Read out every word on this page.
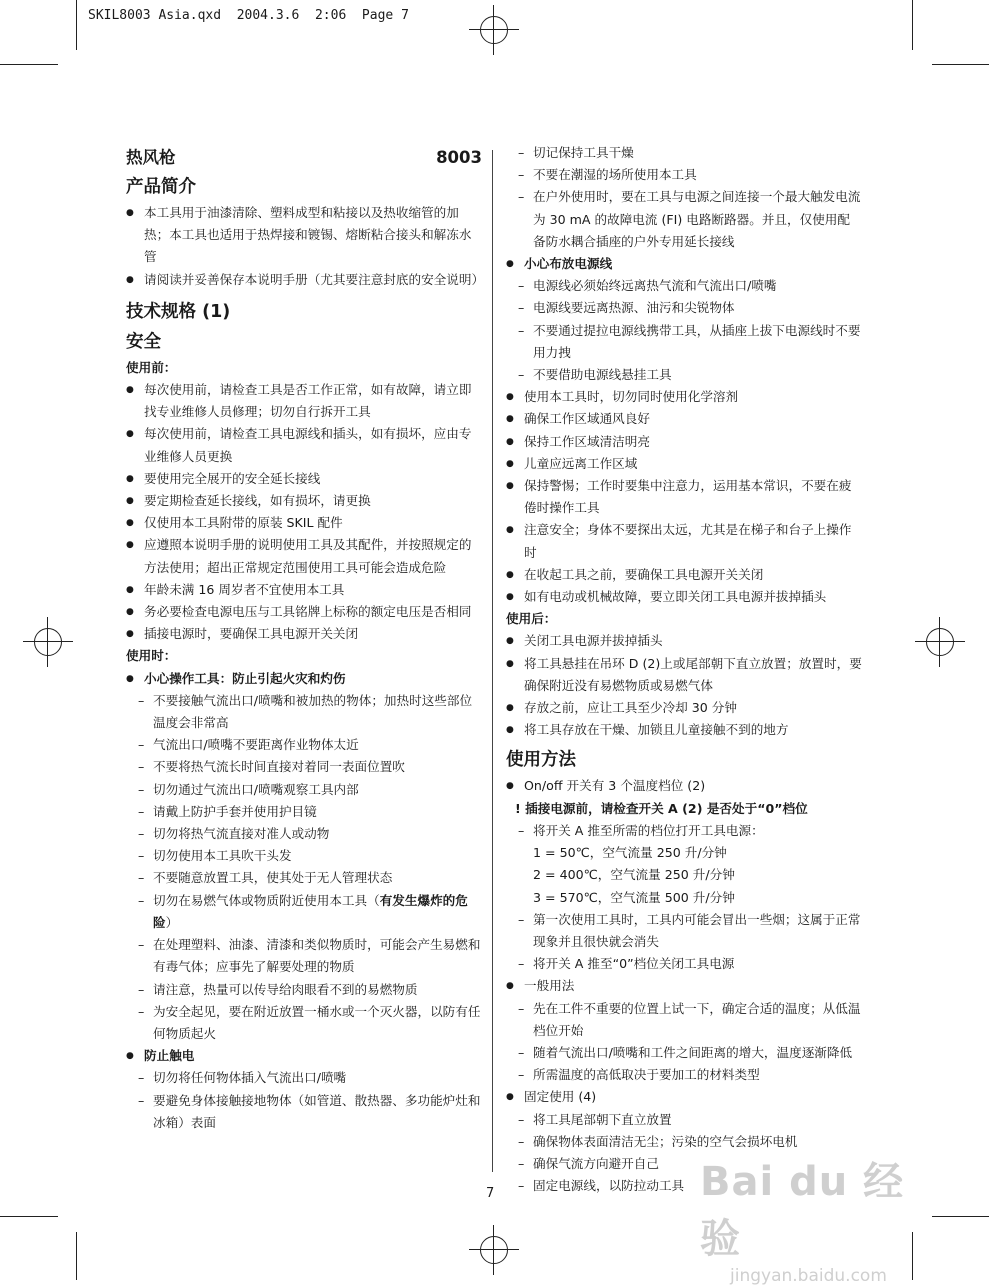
SKIL8003 Asia.qxd  2004.3.6  2:06  Page 7
热风枪	8003
产品简介
● 本工具用于油漆清除、塑料成型和粘接以及热收缩管的加热；本工具也适用于热焊接和镀锡、熔断粘合接头和解冻水管
● 请阅读并妥善保存本说明手册（尤其要注意封底的安全说明）
技术规格 (1)
安全
使用前：
● 每次使用前，请检查工具是否工作正常，如有故障，请立即找专业维修人员修理；切勿自行拆开工具
● 每次使用前，请检查工具电源线和插头，如有损坏，应由专业维修人员更换
● 要使用完全展开的安全延长接线
● 要定期检查延长接线，如有损坏，请更换
● 仅使用本工具附带的原装 SKIL 配件
● 应遵照本说明手册的说明使用工具及其配件，并按照规定的方法使用；超出正常规定范围使用工具可能会造成危险
● 年龄未满 16 周岁者不宜使用本工具
● 务必要检查电源电压与工具铭牌上标称的额定电压是否相同
● 插接电源时，要确保工具电源开关关闭
使用时：
● 小心操作工具：防止引起火灾和灼伤
– 不要接触气流出口/喷嘴和被加热的物体；加热时这些部位温度会非常高
– 气流出口/喷嘴不要距离作业物体太近
– 不要将热气流长时间直接对着同一表面位置吹
– 切勿通过气流出口/喷嘴观察工具内部
– 请戴上防护手套并使用护目镜
– 切勿将热气流直接对准人或动物
– 切勿使用本工具吹干头发
– 不要随意放置工具，使其处于无人管理状态
– 切勿在易燃气体或物质附近使用本工具（有发生爆炸的危险）
– 在处理塑料、油漆、清漆和类似物质时，可能会产生易燃和有毒气体；应事先了解要处理的物质
– 请注意，热量可以传导给肉眼看不到的易燃物质
– 为安全起见，要在附近放置一桶水或一个灭火器，以防有任何物质起火
● 防止触电
– 切勿将任何物体插入气流出口/喷嘴
– 要避免身体接触接地物体（如管道、散热器、多功能炉灶和冰箱）表面
– 切记保持工具干燥
– 不要在潮湿的场所使用本工具
– 在户外使用时，要在工具与电源之间连接一个最大触发电流为 30 mA 的故障电流 (FI) 电路断路器。并且，仅使用配备防水耦合插座的户外专用延长接线
● 小心布放电源线
– 电源线必须始终远离热气流和气流出口/喷嘴
– 电源线要远离热源、油污和尖锐物体
– 不要通过提拉电源线携带工具，从插座上拔下电源线时不要用力拽
– 不要借助电源线悬挂工具
● 使用本工具时，切勿同时使用化学溶剂
● 确保工作区域通风良好
● 保持工作区域清洁明亮
● 儿童应远离工作区域
● 保持警惕；工作时要集中注意力，运用基本常识，不要在疲倦时操作工具
● 注意安全；身体不要探出太远，尤其是在梯子和台子上操作时
● 在收起工具之前，要确保工具电源开关关闭
● 如有电动或机械故障，要立即关闭工具电源并拔掉插头
使用后：
● 关闭工具电源并拔掉插头
● 将工具悬挂在吊环 D (2)上或尾部朝下直立放置；放置时，要确保附近没有易燃物质或易燃气体
● 存放之前，应让工具至少冷却 30 分钟
● 将工具存放在干燥、加锁且儿童接触不到的地方
使用方法
● On/off 开关有 3 个温度档位 (2)
! 插接电源前，请检查开关 A (2) 是否处于“0”档位
– 将开关 A 推至所需的档位打开工具电源：
1 = 50℃，空气流量 250 升/分钟
2 = 400℃，空气流量 250 升/分钟
3 = 570℃，空气流量 500 升/分钟
– 第一次使用工具时，工具内可能会冒出一些烟；这属于正常现象并且很快就会消失
– 将开关 A 推至“0”档位关闭工具电源
● 一般用法
– 先在工件不重要的位置上试一下，确定合适的温度；从低温档位开始
– 随着气流出口/喷嘴和工件之间距离的增大，温度逐渐降低
– 所需温度的高低取决于要加工的材料类型
● 固定使用 (4)
– 将工具尾部朝下直立放置
– 确保物体表面清洁无尘；污染的空气会损坏电机
– 确保气流方向避开自己
– 固定电源线，以防拉动工具
7	Bai du 经验
jingyan.baidu.com
